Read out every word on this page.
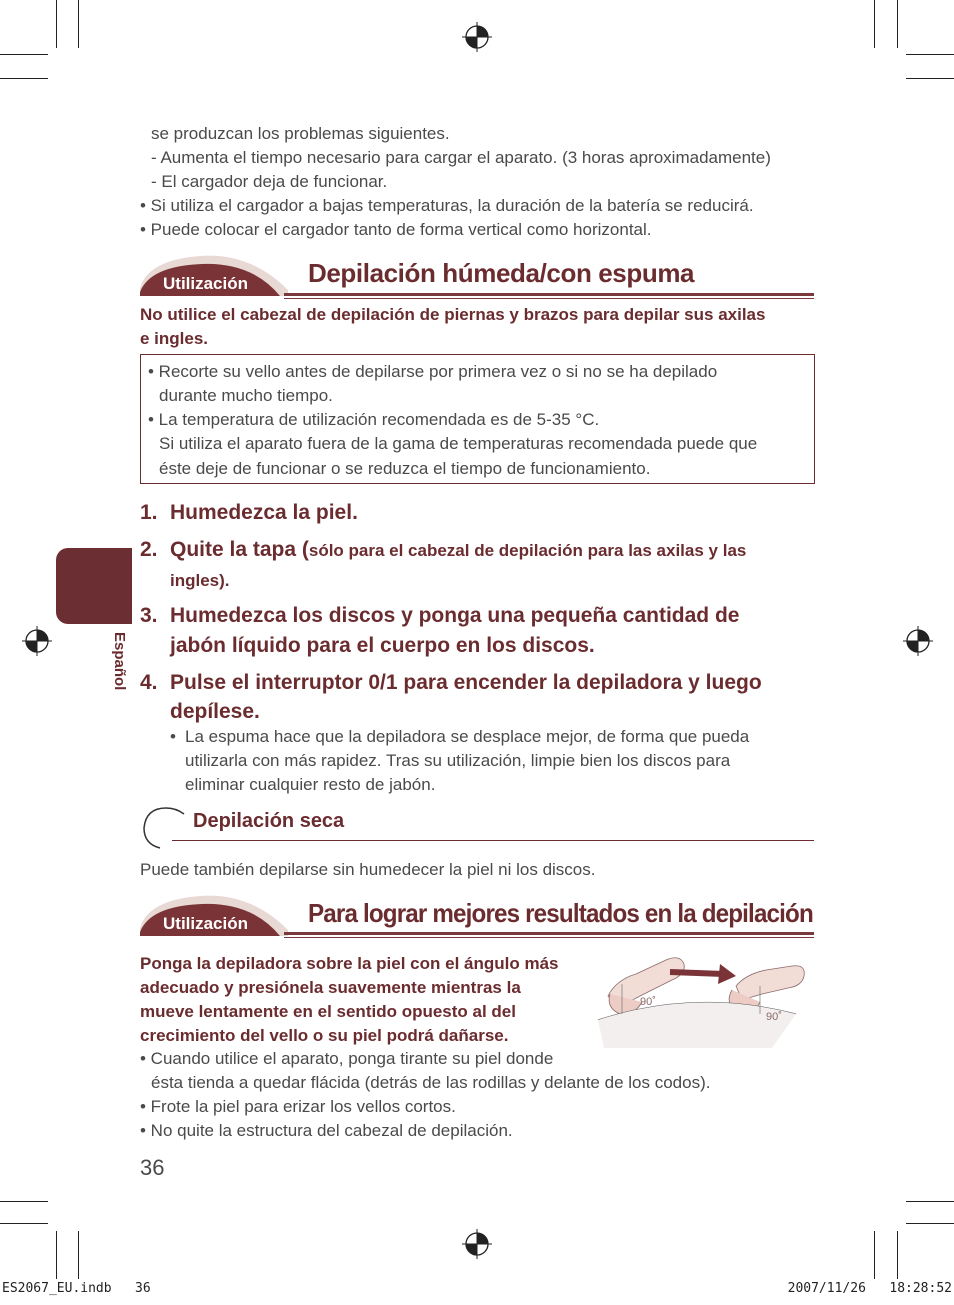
Español
se produzcan los problemas siguientes.
- Aumenta el tiempo necesario para cargar el aparato. (3 horas aproximadamente)
- El cargador deja de funcionar.
• Si utiliza el cargador a bajas temperaturas, la duración de la batería se reducirá.
• Puede colocar el cargador tanto de forma vertical como horizontal.
Utilización Depilación húmeda/con espuma
No utilice el cabezal de depilación de piernas y brazos para depilar sus axilas
e ingles.
• Recorte su vello antes de depilarse por primera vez o si no se ha depilado
durante mucho tiempo.
• La temperatura de utilización recomendada es de 5-35 °C.
Si utiliza el aparato fuera de la gama de temperaturas recomendada puede que
éste deje de funcionar o se reduzca el tiempo de funcionamiento.
1. Humedezca la piel.
2. Quite la tapa (sólo para el cabezal de depilación para las axilas y las
ingles).
3. Humedezca los discos y ponga una pequeña cantidad de
jabón líquido para el cuerpo en los discos.
4. Pulse el interruptor 0/1 para encender la depiladora y luego
depílese.
• La espuma hace que la depiladora se desplace mejor, de forma que pueda
utilizarla con más rapidez. Tras su utilización, limpie bien los discos para
eliminar cualquier resto de jabón.
Depilación seca
Puede también depilarse sin humedecer la piel ni los discos.
Utilización Para lograr mejores resultados en la depilación
Ponga la depiladora sobre la piel con el ángulo más
adecuado y presiónela suavemente mientras la
mueve lentamente en el sentido opuesto al del
crecimiento del vello o su piel podrá dañarse.
• Cuando utilice el aparato, ponga tirante su piel donde
ésta tienda a quedar flácida (detrás de las rodillas y delante de los codos).
• Frote la piel para erizar los vellos cortos.
• No quite la estructura del cabezal de depilación.
90˚
90˚
36
ES2067_EU.indb   36	2007/11/26   18:28:52
